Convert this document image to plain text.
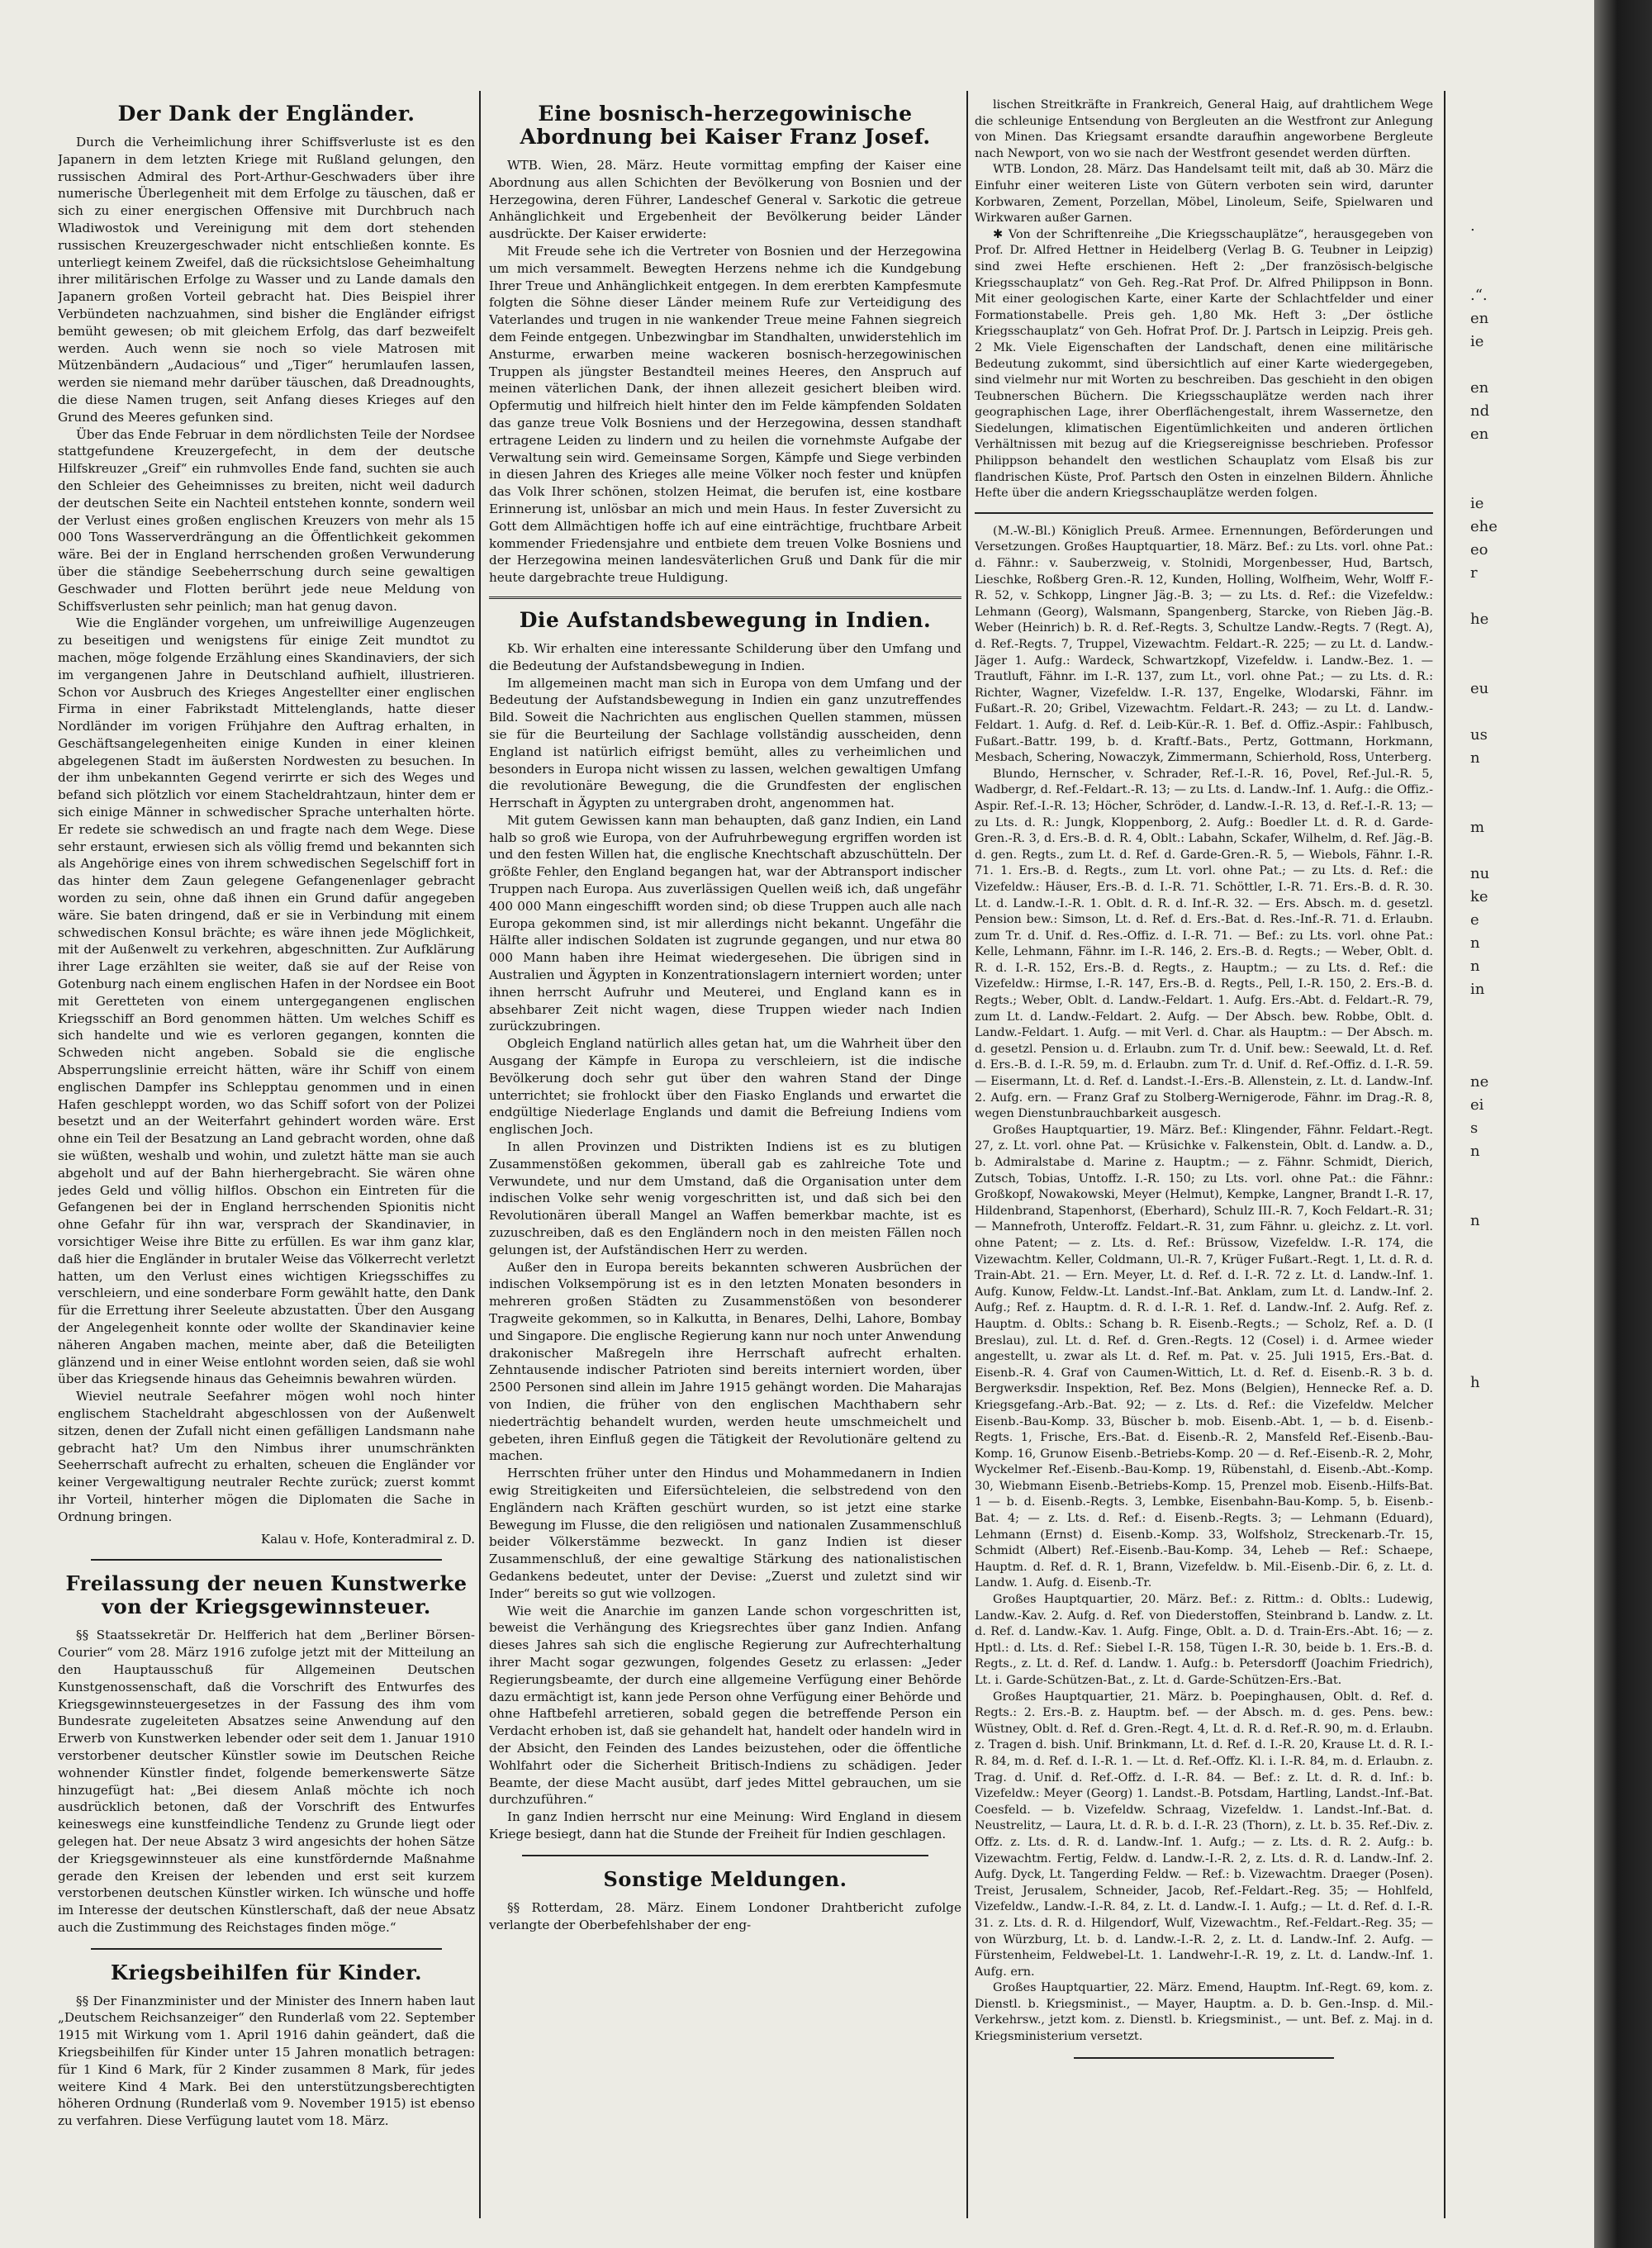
Der Dank der Engländer.

Durch die Verheimlichung ihrer Schiffsverluste ist es den Japanern in dem letzten Kriege mit Rußland gelungen, den russischen Admiral des Port-Arthur-Geschwaders über ihre numerische Überlegenheit mit dem Erfolge zu täuschen, daß er sich zu einer energischen Offensive mit Durchbruch nach Wladiwostok und Vereinigung mit dem dort stehenden russischen Kreuzergeschwader nicht entschließen konnte. Es unterliegt keinem Zweifel, daß die rücksichtslose Geheimhaltung ihrer militärischen Erfolge zu Wasser und zu Lande damals den Japanern großen Vorteil gebracht hat. Dies Beispiel ihrer Verbündeten nachzuahmen, sind bisher die Engländer eifrigst bemüht gewesen; ob mit gleichem Erfolg, das darf bezweifelt werden. Auch wenn sie noch so viele Matrosen mit Mützenbändern „Audacious“ und „Tiger“ herumlaufen lassen, werden sie niemand mehr darüber täuschen, daß Dreadnoughts, die diese Namen trugen, seit Anfang dieses Krieges auf den Grund des Meeres gefunken sind.

Über das Ende Februar in dem nördlichsten Teile der Nordsee stattgefundene Kreuzergefecht, in dem der deutsche Hilfskreuzer „Greif“ ein ruhmvolles Ende fand, suchten sie auch den Schleier des Geheimnisses zu breiten, nicht weil dadurch der deutschen Seite ein Nachteil entstehen konnte, sondern weil der Verlust eines großen englischen Kreuzers von mehr als 15 000 Tons Wasserverdrängung an die Öffentlichkeit gekommen wäre. Bei der in England herrschenden großen Verwunderung über die ständige Seebeherrschung durch seine gewaltigen Geschwader und Flotten berührt jede neue Meldung von Schiffsverlusten sehr peinlich; man hat genug davon.

Wie die Engländer vorgehen, um unfreiwillige Augenzeugen zu beseitigen und wenigstens für einige Zeit mundtot zu machen, möge folgende Erzählung eines Skandinaviers, der sich im vergangenen Jahre in Deutschland aufhielt, illustrieren. Schon vor Ausbruch des Krieges Angestellter einer englischen Firma in einer Fabrikstadt Mittelenglands, hatte dieser Nordländer im vorigen Frühjahre den Auftrag erhalten, in Geschäftsangelegenheiten einige Kunden in einer kleinen abgelegenen Stadt im äußersten Nordwesten zu besuchen. In der ihm unbekannten Gegend verirrte er sich des Weges und befand sich plötzlich vor einem Stacheldrahtzaun, hinter dem er sich einige Männer in schwedischer Sprache unterhalten hörte. Er redete sie schwedisch an und fragte nach dem Wege. Diese sehr erstaunt, erwiesen sich als völlig fremd und bekannten sich als Angehörige eines von ihrem schwedischen Segelschiff fort in das hinter dem Zaun gelegene Gefangenenlager gebracht worden zu sein, ohne daß ihnen ein Grund dafür angegeben wäre. Sie baten dringend, daß er sie in Verbindung mit einem schwedischen Konsul brächte; es wäre ihnen jede Möglichkeit, mit der Außenwelt zu verkehren, abgeschnitten. Zur Aufklärung ihrer Lage erzählten sie weiter, daß sie auf der Reise von Gotenburg nach einem englischen Hafen in der Nordsee ein Boot mit Geretteten von einem untergegangenen englischen Kriegsschiff an Bord genommen hätten. Um welches Schiff es sich handelte und wie es verloren gegangen, konnten die Schweden nicht angeben. Sobald sie die englische Absperrungslinie erreicht hätten, wäre ihr Schiff von einem englischen Dampfer ins Schlepptau genommen und in einen Hafen geschleppt worden, wo das Schiff sofort von der Polizei besetzt und an der Weiterfahrt gehindert worden wäre. Erst ohne ein Teil der Besatzung an Land gebracht worden, ohne daß sie wüßten, weshalb und wohin, und zuletzt hätte man sie auch abgeholt und auf der Bahn hierhergebracht. Sie wären ohne jedes Geld und völlig hilflos. Obschon ein Eintreten für die Gefangenen bei der in England herrschenden Spionitis nicht ohne Gefahr für ihn war, versprach der Skandinavier, in vorsichtiger Weise ihre Bitte zu erfüllen. Es war ihm ganz klar, daß hier die Engländer in brutaler Weise das Völkerrecht verletzt hatten, um den Verlust eines wichtigen Kriegsschiffes zu verschleiern, und eine sonderbare Form gewählt hatte, den Dank für die Errettung ihrer Seeleute abzustatten. Über den Ausgang der Angelegenheit konnte oder wollte der Skandinavier keine näheren Angaben machen, meinte aber, daß die Beteiligten glänzend und in einer Weise entlohnt worden seien, daß sie wohl über das Kriegsende hinaus das Geheimnis bewahren würden.

Wieviel neutrale Seefahrer mögen wohl noch hinter englischem Stacheldraht abgeschlossen von der Außenwelt sitzen, denen der Zufall nicht einen gefälligen Landsmann nahe gebracht hat? Um den Nimbus ihrer unumschränkten Seeherrschaft aufrecht zu erhalten, scheuen die Engländer vor keiner Vergewaltigung neutraler Rechte zurück; zuerst kommt ihr Vorteil, hinterher mögen die Diplomaten die Sache in Ordnung bringen.

Kalau v. Hofe, Konteradmiral z. D.
Freilassung der neuen Kunstwerke von der Kriegsgewinnsteuer.

§§ Staatssekretär Dr. Helfferich hat dem „Berliner Börsen-Courier“ vom 28. März 1916 zufolge jetzt mit der Mitteilung an den Hauptausschuß für Allgemeinen Deutschen Kunstgenossenschaft, daß die Vorschrift des Entwurfes des Kriegsgewinnsteuergesetzes in der Fassung des ihm vom Bundesrate zugeleiteten Absatzes seine Anwendung auf den Erwerb von Kunstwerken lebender oder seit dem 1. Januar 1910 verstorbener deutscher Künstler sowie im Deutschen Reiche wohnender Künstler findet, folgende bemerkenswerte Sätze hinzugefügt hat: „Bei diesem Anlaß möchte ich noch ausdrücklich betonen, daß der Vorschrift des Entwurfes keineswegs eine kunstfeindliche Tendenz zu Grunde liegt oder gelegen hat. Der neue Absatz 3 wird angesichts der hohen Sätze der Kriegsgewinnsteuer als eine kunstfördernde Maßnahme gerade den Kreisen der lebenden und erst seit kurzem verstorbenen deutschen Künstler wirken. Ich wünsche und hoffe im Interesse der deutschen Künstlerschaft, daß der neue Absatz auch die Zustimmung des Reichstages finden möge.“

Kriegsbeihilfen für Kinder.

§§ Der Finanzminister und der Minister des Innern haben laut „Deutschem Reichsanzeiger“ den Runderlaß vom 22. September 1915 mit Wirkung vom 1. April 1916 dahin geändert, daß die Kriegsbeihilfen für Kinder unter 15 Jahren monatlich betragen: für 1 Kind 6 Mark, für 2 Kinder zusammen 8 Mark, für jedes weitere Kind 4 Mark. Bei den unterstützungsberechtigten höheren Ordnung (Runderlaß vom 9. November 1915) ist ebenso zu verfahren. Diese Verfügung lautet vom 18. März.

Eine bosnisch-herzegowinische Abordnung bei Kaiser Franz Josef.

WTB. Wien, 28. März. Heute vormittag empfing der Kaiser eine Abordnung aus allen Schichten der Bevölkerung von Bosnien und der Herzegowina, deren Führer, Landeschef General v. Sarkotic die getreue Anhänglichkeit und Ergebenheit der Bevölkerung beider Länder ausdrückte. Der Kaiser erwiderte:

Mit Freude sehe ich die Vertreter von Bosnien und der Herzegowina um mich versammelt. Bewegten Herzens nehme ich die Kundgebung Ihrer Treue und Anhänglichkeit entgegen. In dem ererbten Kampfesmute folgten die Söhne dieser Länder meinem Rufe zur Verteidigung des Vaterlandes und trugen in nie wankender Treue meine Fahnen siegreich dem Feinde entgegen. Unbezwingbar im Standhalten, unwiderstehlich im Ansturme, erwarben meine wackeren bosnisch-herzegowinischen Truppen als jüngster Bestandteil meines Heeres, den Anspruch auf meinen väterlichen Dank, der ihnen allezeit gesichert bleiben wird. Opfermutig und hilfreich hielt hinter den im Felde kämpfenden Soldaten das ganze treue Volk Bosniens und der Herzegowina, dessen standhaft ertragene Leiden zu lindern und zu heilen die vornehmste Aufgabe der Verwaltung sein wird. Gemeinsame Sorgen, Kämpfe und Siege verbinden in diesen Jahren des Krieges alle meine Völker noch fester und knüpfen das Volk Ihrer schönen, stolzen Heimat, die berufen ist, eine kostbare Erinnerung ist, unlösbar an mich und mein Haus. In fester Zuversicht zu Gott dem Allmächtigen hoffe ich auf eine einträchtige, fruchtbare Arbeit kommender Friedensjahre und entbiete dem treuen Volke Bosniens und der Herzegowina meinen landesväterlichen Gruß und Dank für die mir heute dargebrachte treue Huldigung.

Die Aufstandsbewegung in Indien.

Kb. Wir erhalten eine interessante Schilderung über den Umfang und die Bedeutung der Aufstandsbewegung in Indien.

Im allgemeinen macht man sich in Europa von dem Umfang und der Bedeutung der Aufstandsbewegung in Indien ein ganz unzutreffendes Bild. Soweit die Nachrichten aus englischen Quellen stammen, müssen sie für die Beurteilung der Sachlage vollständig ausscheiden, denn England ist natürlich eifrigst bemüht, alles zu verheimlichen und besonders in Europa nicht wissen zu lassen, welchen gewaltigen Umfang die revolutionäre Bewegung, die die Grundfesten der englischen Herrschaft in Ägypten zu untergraben droht, angenommen hat.

Mit gutem Gewissen kann man behaupten, daß ganz Indien, ein Land halb so groß wie Europa, von der Aufruhrbewegung ergriffen worden ist und den festen Willen hat, die englische Knechtschaft abzuschütteln. Der größte Fehler, den England begangen hat, war der Abtransport indischer Truppen nach Europa. Aus zuverlässigen Quellen weiß ich, daß ungefähr 400 000 Mann eingeschifft worden sind; ob diese Truppen auch alle nach Europa gekommen sind, ist mir allerdings nicht bekannt. Ungefähr die Hälfte aller indischen Soldaten ist zugrunde gegangen, und nur etwa 80 000 Mann haben ihre Heimat wiedergesehen. Die übrigen sind in Australien und Ägypten in Konzentrationslagern interniert worden; unter ihnen herrscht Aufruhr und Meuterei, und England kann es in absehbarer Zeit nicht wagen, diese Truppen wieder nach Indien zurückzubringen.

Obgleich England natürlich alles getan hat, um die Wahrheit über den Ausgang der Kämpfe in Europa zu verschleiern, ist die indische Bevölkerung doch sehr gut über den wahren Stand der Dinge unterrichtet; sie frohlockt über den Fiasko Englands und erwartet die endgültige Niederlage Englands und damit die Befreiung Indiens vom englischen Joch.

In allen Provinzen und Distrikten Indiens ist es zu blutigen Zusammenstößen gekommen, überall gab es zahlreiche Tote und Verwundete, und nur dem Umstand, daß die Organisation unter dem indischen Volke sehr wenig vorgeschritten ist, und daß sich bei den Revolutionären überall Mangel an Waffen bemerkbar machte, ist es zuzuschreiben, daß es den Engländern noch in den meisten Fällen noch gelungen ist, der Aufständischen Herr zu werden.

Außer den in Europa bereits bekannten schweren Ausbrüchen der indischen Volksempörung ist es in den letzten Monaten besonders in mehreren großen Städten zu Zusammenstößen von besonderer Tragweite gekommen, so in Kalkutta, in Benares, Delhi, Lahore, Bombay und Singapore. Die englische Regierung kann nur noch unter Anwendung drakonischer Maßregeln ihre Herrschaft aufrecht erhalten. Zehntausende indischer Patrioten sind bereits interniert worden, über 2500 Personen sind allein im Jahre 1915 gehängt worden. Die Maharajas von Indien, die früher von den englischen Machthabern sehr niederträchtig behandelt wurden, werden heute umschmeichelt und gebeten, ihren Einfluß gegen die Tätigkeit der Revolutionäre geltend zu machen.

Herrschten früher unter den Hindus und Mohammedanern in Indien ewig Streitigkeiten und Eifersüchteleien, die selbstredend von den Engländern nach Kräften geschürt wurden, so ist jetzt eine starke Bewegung im Flusse, die den religiösen und nationalen Zusammenschluß beider Völkerstämme bezweckt. In ganz Indien ist dieser Zusammenschluß, der eine gewaltige Stärkung des nationalistischen Gedankens bedeutet, unter der Devise: „Zuerst und zuletzt sind wir Inder“ bereits so gut wie vollzogen.

Wie weit die Anarchie im ganzen Lande schon vorgeschritten ist, beweist die Verhängung des Kriegsrechtes über ganz Indien. Anfang dieses Jahres sah sich die englische Regierung zur Aufrechterhaltung ihrer Macht sogar gezwungen, folgendes Gesetz zu erlassen: „Jeder Regierungsbeamte, der durch eine allgemeine Verfügung einer Behörde dazu ermächtigt ist, kann jede Person ohne Verfügung einer Behörde und ohne Haftbefehl arretieren, sobald gegen die betreffende Person ein Verdacht erhoben ist, daß sie gehandelt hat, handelt oder handeln wird in der Absicht, den Feinden des Landes beizustehen, oder die öffentliche Wohlfahrt oder die Sicherheit Britisch-Indiens zu schädigen. Jeder Beamte, der diese Macht ausübt, darf jedes Mittel gebrauchen, um sie durchzuführen.“

In ganz Indien herrscht nur eine Meinung: Wird England in diesem Kriege besiegt, dann hat die Stunde der Freiheit für Indien geschlagen.

Sonstige Meldungen.

§§ Rotterdam, 28. März. Einem Londoner Drahtbericht zufolge verlangte der Oberbefehlshaber der eng-

lischen Streitkräfte in Frankreich, General Haig, auf drahtlichem Wege die schleunige Entsendung von Bergleuten an die Westfront zur Anlegung von Minen. Das Kriegsamt ersandte daraufhin angeworbene Bergleute nach Newport, von wo sie nach der Westfront gesendet werden dürften.

WTB. London, 28. März. Das Handelsamt teilt mit, daß ab 30. März die Einfuhr einer weiteren Liste von Gütern verboten sein wird, darunter Korbwaren, Zement, Porzellan, Möbel, Linoleum, Seife, Spielwaren und Wirkwaren außer Garnen.

✱ Von der Schriftenreihe „Die Kriegsschauplätze“, herausgegeben von Prof. Dr. Alfred Hettner in Heidelberg (Verlag B. G. Teubner in Leipzig) sind zwei Hefte erschienen. Heft 2: „Der französisch-belgische Kriegsschauplatz“ von Geh. Reg.-Rat Prof. Dr. Alfred Philippson in Bonn. Mit einer geologischen Karte, einer Karte der Schlachtfelder und einer Formationstabelle. Preis geh. 1,80 Mk. Heft 3: „Der östliche Kriegsschauplatz“ von Geh. Hofrat Prof. Dr. J. Partsch in Leipzig. Preis geh. 2 Mk. Viele Eigenschaften der Landschaft, denen eine militärische Bedeutung zukommt, sind übersichtlich auf einer Karte wiedergegeben, sind vielmehr nur mit Worten zu beschreiben. Das geschieht in den obigen Teubnerschen Büchern. Die Kriegsschauplätze werden nach ihrer geographischen Lage, ihrer Oberflächengestalt, ihrem Wassernetze, den Siedelungen, klimatischen Eigentümlichkeiten und anderen örtlichen Verhältnissen mit bezug auf die Kriegsereignisse beschrieben. Professor Philippson behandelt den westlichen Schauplatz vom Elsaß bis zur flandrischen Küste, Prof. Partsch den Osten in einzelnen Bildern. Ähnliche Hefte über die andern Kriegsschauplätze werden folgen.

(M.-W.-Bl.) Königlich Preuß. Armee. Ernennungen, Beförderungen und Versetzungen. Großes Hauptquartier, 18. März. Bef.: zu Lts. vorl. ohne Pat.: d. Fähnr.: v. Sauberzweig, v. Stolnidi, Morgenbesser, Hud, Bartsch, Lieschke, Roßberg Gren.-R. 12, Kunden, Holling, Wolfheim, Wehr, Wolff F.-R. 52, v. Schkopp, Lingner Jäg.-B. 3; — zu Lts. d. Ref.: die Vizefeldw.: Lehmann (Georg), Walsmann, Spangenberg, Starcke, von Rieben Jäg.-B. Weber (Heinrich) b. R. d. Ref.-Regts. 3, Schultze Landw.-Regts. 7 (Regt. A), d. Ref.-Regts. 7, Truppel, Vizewachtm. Feldart.-R. 225; — zu Lt. d. Landw.-Jäger 1. Aufg.: Wardeck, Schwartzkopf, Vizefeldw. i. Landw.-Bez. 1. — Trautluft, Fähnr. im I.-R. 137, zum Lt., vorl. ohne Pat.; — zu Lts. d. R.: Richter, Wagner, Vizefeldw. I.-R. 137, Engelke, Wlodarski, Fähnr. im Fußart.-R. 20; Gribel, Vizewachtm. Feldart.-R. 243; — zu Lt. d. Landw.-Feldart. 1. Aufg. d. Ref. d. Leib-Kür.-R. 1. Bef. d. Offiz.-Aspir.: Fahlbusch, Fußart.-Battr. 199, b. d. Kraftf.-Bats., Pertz, Gottmann, Horkmann, Mesbach, Schering, Nowaczyk, Zimmermann, Schierhold, Ross, Unterberg.

Blundo, Hernscher, v. Schrader, Ref.-I.-R. 16, Povel, Ref.-Jul.-R. 5, Wadbergr, d. Ref.-Feldart.-R. 13; — zu Lts. d. Landw.-Inf. 1. Aufg.: die Offiz.-Aspir. Ref.-I.-R. 13; Höcher, Schröder, d. Landw.-I.-R. 13, d. Ref.-I.-R. 13; — zu Lts. d. R.: Jungk, Kloppenborg, 2. Aufg.: Boedler Lt. d. R. d. Garde-Gren.-R. 3, d. Ers.-B. d. R. 4, Oblt.: Labahn, Sckafer, Wilhelm, d. Ref. Jäg.-B. d. gen. Regts., zum Lt. d. Ref. d. Garde-Gren.-R. 5, — Wiebols, Fähnr. I.-R. 71. 1. Ers.-B. d. Regts., zum Lt. vorl. ohne Pat.; — zu Lts. d. Ref.: die Vizefeldw.: Häuser, Ers.-B. d. I.-R. 71. Schöttler, I.-R. 71. Ers.-B. d. R. 30. Lt. d. Landw.-I.-R. 1. Oblt. d. R. d. Inf.-R. 32. — Ers. Absch. m. d. gesetzl. Pension bew.: Simson, Lt. d. Ref. d. Ers.-Bat. d. Res.-Inf.-R. 71. d. Erlaubn. zum Tr. d. Unif. d. Res.-Offiz. d. I.-R. 71. — Bef.: zu Lts. vorl. ohne Pat.: Kelle, Lehmann, Fähnr. im I.-R. 146, 2. Ers.-B. d. Regts.; — Weber, Oblt. d. R. d. I.-R. 152, Ers.-B. d. Regts., z. Hauptm.; — zu Lts. d. Ref.: die Vizefeldw.: Hirmse, I.-R. 147, Ers.-B. d. Regts., Pell, I.-R. 150, 2. Ers.-B. d. Regts.; Weber, Oblt. d. Landw.-Feldart. 1. Aufg. Ers.-Abt. d. Feldart.-R. 79, zum Lt. d. Landw.-Feldart. 2. Aufg. — Der Absch. bew. Robbe, Oblt. d. Landw.-Feldart. 1. Aufg. — mit Verl. d. Char. als Hauptm.: — Der Absch. m. d. gesetzl. Pension u. d. Erlaubn. zum Tr. d. Unif. bew.: Seewald, Lt. d. Ref. d. Ers.-B. d. I.-R. 59, m. d. Erlaubn. zum Tr. d. Unif. d. Ref.-Offiz. d. I.-R. 59. — Eisermann, Lt. d. Ref. d. Landst.-I.-Ers.-B. Allenstein, z. Lt. d. Landw.-Inf. 2. Aufg. ern. — Franz Graf zu Stolberg-Wernigerode, Fähnr. im Drag.-R. 8, wegen Dienstunbrauchbarkeit ausgesch.

Großes Hauptquartier, 19. März. Bef.: Klingender, Fähnr. Feldart.-Regt. 27, z. Lt. vorl. ohne Pat. — Krüsichke v. Falkenstein, Oblt. d. Landw. a. D., b. Admiralstabe d. Marine z. Hauptm.; — z. Fähnr. Schmidt, Dierich, Zutsch, Tobias, Untoffz. I.-R. 150; zu Lts. vorl. ohne Pat.: die Fähnr.: Großkopf, Nowakowski, Meyer (Helmut), Kempke, Langner, Brandt I.-R. 17, Hildenbrand, Stapenhorst, (Eberhard), Schulz III.-R. 7, Koch Feldart.-R. 31; — Mannefroth, Unteroffz. Feldart.-R. 31, zum Fähnr. u. gleichz. z. Lt. vorl. ohne Patent; — z. Lts. d. Ref.: Brüssow, Vizefeldw. I.-R. 174, die Vizewachtm. Keller, Coldmann, Ul.-R. 7, Krüger Fußart.-Regt. 1, Lt. d. R. d. Train-Abt. 21. — Ern. Meyer, Lt. d. Ref. d. I.-R. 72 z. Lt. d. Landw.-Inf. 1. Aufg. Kunow, Feldw.-Lt. Landst.-Inf.-Bat. Anklam, zum Lt. d. Landw.-Inf. 2. Aufg.; Ref. z. Hauptm. d. R. d. I.-R. 1. Ref. d. Landw.-Inf. 2. Aufg. Ref. z. Hauptm. d. Oblts.: Schang b. R. Eisenb.-Regts.; — Scholz, Ref. a. D. (I Breslau), zul. Lt. d. Ref. d. Gren.-Regts. 12 (Cosel) i. d. Armee wieder angestellt, u. zwar als Lt. d. Ref. m. Pat. v. 25. Juli 1915, Ers.-Bat. d. Eisenb.-R. 4. Graf von Caumen-Wittich, Lt. d. Ref. d. Eisenb.-R. 3 b. d. Bergwerksdir. Inspektion, Ref. Bez. Mons (Belgien), Hennecke Ref. a. D. Kriegsgefang.-Arb.-Bat. 92; — z. Lts. d. Ref.: die Vizefeldw. Melcher Eisenb.-Bau-Komp. 33, Büscher b. mob. Eisenb.-Abt. 1, — b. d. Eisenb.-Regts. 1, Frische, Ers.-Bat. d. Eisenb.-R. 2, Mansfeld Ref.-Eisenb.-Bau-Komp. 16, Grunow Eisenb.-Betriebs-Komp. 20 — d. Ref.-Eisenb.-R. 2, Mohr, Wyckelmer Ref.-Eisenb.-Bau-Komp. 19, Rübenstahl, d. Eisenb.-Abt.-Komp. 30, Wiebmann Eisenb.-Betriebs-Komp. 15, Prenzel mob. Eisenb.-Hilfs-Bat. 1 — b. d. Eisenb.-Regts. 3, Lembke, Eisenbahn-Bau-Komp. 5, b. Eisenb.-Bat. 4; — z. Lts. d. Ref.: d. Eisenb.-Regts. 3; — Lehmann (Eduard), Lehmann (Ernst) d. Eisenb.-Komp. 33, Wolfsholz, Streckenarb.-Tr. 15, Schmidt (Albert) Ref.-Eisenb.-Bau-Komp. 34, Leheb — Ref.: Schaepe, Hauptm. d. Ref. d. R. 1, Brann, Vizefeldw. b. Mil.-Eisenb.-Dir. 6, z. Lt. d. Landw. 1. Aufg. d. Eisenb.-Tr.

Großes Hauptquartier, 20. März. Bef.: z. Rittm.: d. Oblts.: Ludewig, Landw.-Kav. 2. Aufg. d. Ref. von Diederstoffen, Steinbrand b. Landw. z. Lt. d. Ref. d. Landw.-Kav. 1. Aufg. Finge, Oblt. a. D. d. Train-Ers.-Abt. 16; — z. Hptl.: d. Lts. d. Ref.: Siebel I.-R. 158, Tügen I.-R. 30, beide b. 1. Ers.-B. d. Regts., z. Lt. d. Ref. d. Landw. 1. Aufg.: b. Petersdorff (Joachim Friedrich), Lt. i. Garde-Schützen-Bat., z. Lt. d. Garde-Schützen-Ers.-Bat.

Großes Hauptquartier, 21. März. b. Poepinghausen, Oblt. d. Ref. d. Regts.: 2. Ers.-B. z. Hauptm. bef. — der Absch. m. d. ges. Pens. bew.: Wüstney, Oblt. d. Ref. d. Gren.-Regt. 4, Lt. d. R. d. Ref.-R. 90, m. d. Erlaubn. z. Tragen d. bish. Unif. Brinkmann, Lt. d. Ref. d. I.-R. 20, Krause Lt. d. R. I.-R. 84, m. d. Ref. d. I.-R. 1. — Lt. d. Ref.-Offz. Kl. i. I.-R. 84, m. d. Erlaubn. z. Trag. d. Unif. d. Ref.-Offz. d. I.-R. 84. — Bef.: z. Lt. d. R. d. Inf.: b. Vizefeldw.: Meyer (Georg) 1. Landst.-B. Potsdam, Hartling, Landst.-Inf.-Bat. Coesfeld. — b. Vizefeldw. Schraag, Vizefeldw. 1. Landst.-Inf.-Bat. d. Neustrelitz, — Laura, Lt. d. R. b. d. I.-R. 23 (Thorn), z. Lt. b. 35. Ref.-Div. z. Offz. z. Lts. d. R. d. Landw.-Inf. 1. Aufg.; — z. Lts. d. R. 2. Aufg.: b. Vizewachtm. Fertig, Feldw. d. Landw.-I.-R. 2, z. Lts. d. R. d. Landw.-Inf. 2. Aufg. Dyck, Lt. Tangerding Feldw. — Ref.: b. Vizewachtm. Draeger (Posen). Treist, Jerusalem, Schneider, Jacob, Ref.-Feldart.-Reg. 35; — Hohlfeld, Vizefeldw., Landw.-I.-R. 84, z. Lt. d. Landw.-I. 1. Aufg.; — Lt. d. Ref. d. I.-R. 31. z. Lts. d. R. d. Hilgendorf, Wulf, Vizewachtm., Ref.-Feldart.-Reg. 35; — von Würzburg, Lt. b. d. Landw.-I.-R. 2, z. Lt. d. Landw.-Inf. 2. Aufg. — Fürstenheim, Feldwebel-Lt. 1. Landwehr-I.-R. 19, z. Lt. d. Landw.-Inf. 1. Aufg. ern.

Großes Hauptquartier, 22. März. Emend, Hauptm. Inf.-Regt. 69, kom. z. Dienstl. b. Kriegsminist., — Mayer, Hauptm. a. D. b. Gen.-Insp. d. Mil.-Verkehrsw., jetzt kom. z. Dienstl. b. Kriegsminist., — unt. Bef. z. Maj. in d. Kriegsministerium versetzt.

.

.“.
en
ie

en
nd
en

ie
ehe
eo
r

he

eu

us
n

m

nu
ke
e
n
n
in

ne
ei
s
n

n

h
